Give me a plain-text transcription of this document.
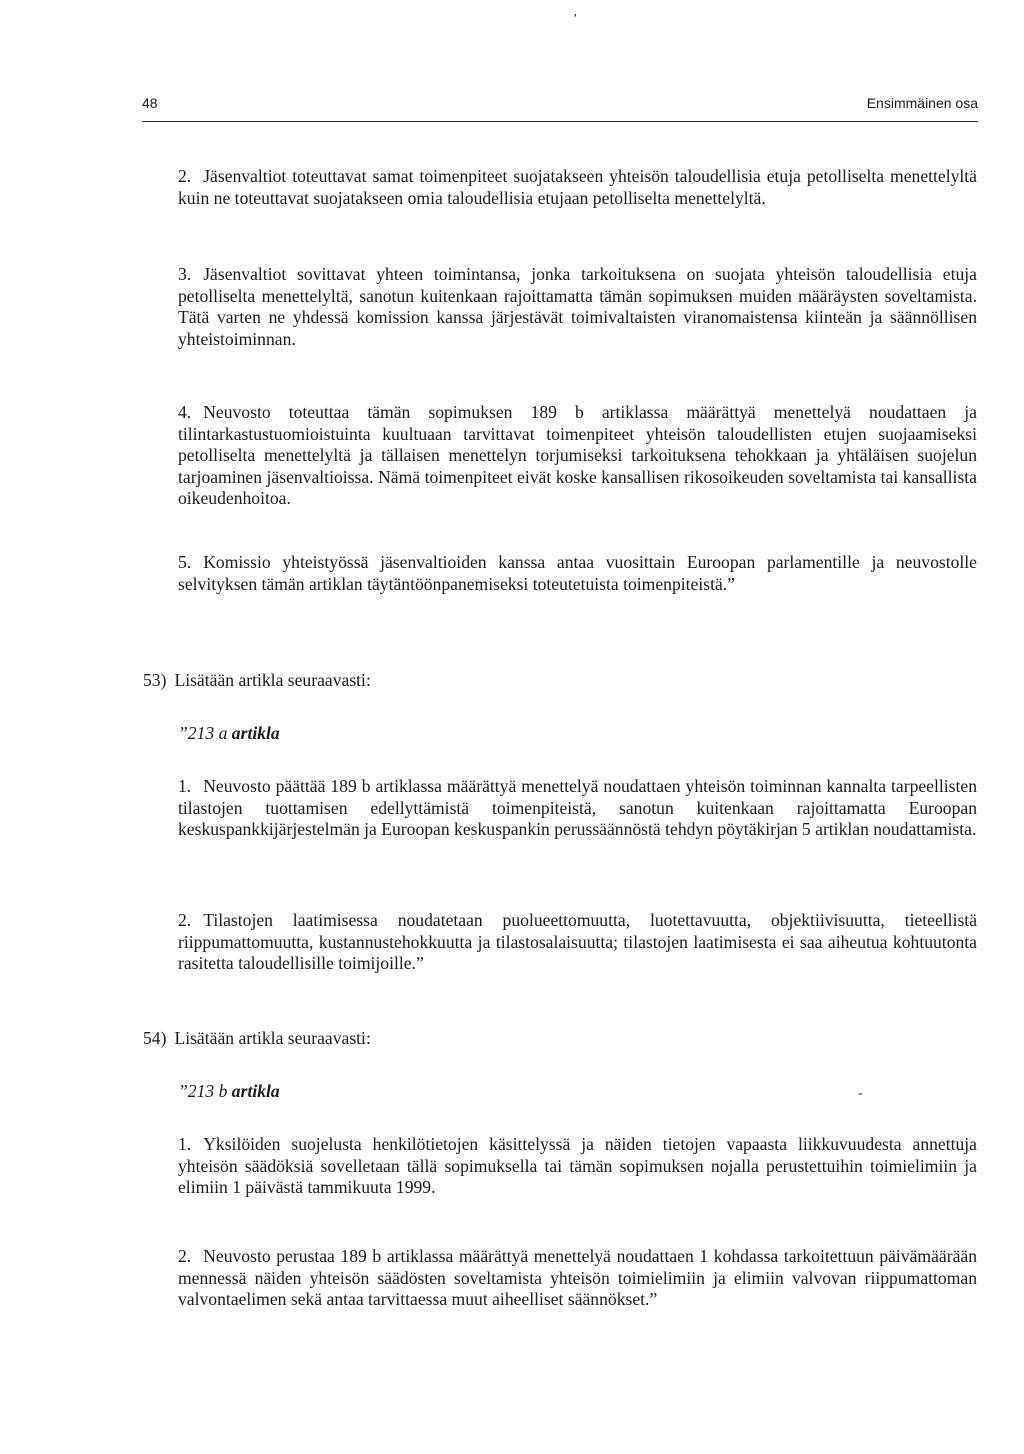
'
48	Ensimmäinen osa
2. Jäsenvaltiot toteuttavat samat toimenpiteet suojatakseen yhteisön taloudellisia etuja petolliselta menettelyltä kuin ne toteuttavat suojatakseen omia taloudellisia etujaan petolliselta menettelyltä.
3. Jäsenvaltiot sovittavat yhteen toimintansa, jonka tarkoituksena on suojata yhteisön taloudellisia etuja petolliselta menettelyltä, sanotun kuitenkaan rajoittamatta tämän sopimuksen muiden määräysten soveltamista. Tätä varten ne yhdessä komission kanssa järjestävät toimivaltaisten viranomaistensa kiinteän ja säännöllisen yhteistoiminnan.
4. Neuvosto toteuttaa tämän sopimuksen 189 b artiklassa määrättyä menettelyä noudattaen ja tilintarkastustuomioistuinta kuultuaan tarvittavat toimenpiteet yhteisön taloudellisten etujen suojaamiseksi petolliselta menettelyltä ja tällaisen menettelyn torjumiseksi tarkoituksena tehokkaan ja yhtäläisen suojelun tarjoaminen jäsenvaltioissa. Nämä toimenpiteet eivät koske kansallisen rikosoikeuden soveltamista tai kansallista oikeudenhoitoa.
5. Komissio yhteistyössä jäsenvaltioiden kanssa antaa vuosittain Euroopan parlamentille ja neuvostolle selvityksen tämän artiklan täytäntöönpanemiseksi toteutetuista toimenpiteistä.”
53) Lisätään artikla seuraavasti:
”213 a artikla
1. Neuvosto päättää 189 b artiklassa määrättyä menettelyä noudattaen yhteisön toiminnan kannalta tarpeellisten tilastojen tuottamisen edellyttämistä toimenpiteistä, sanotun kuitenkaan rajoittamatta Euroopan keskuspankkijärjestelmän ja Euroopan keskuspankin perussäännöstä tehdyn pöytäkirjan 5 artiklan noudattamista.
2. Tilastojen laatimisessa noudatetaan puolueettomuutta, luotettavuutta, objektiivisuutta, tieteellistä riippumattomuutta, kustannustehokkuutta ja tilastosalaisuutta; tilastojen laatimisesta ei saa aiheutua kohtuutonta rasitetta taloudellisille toimijoille.”
54) Lisätään artikla seuraavasti:
”213 b artikla
1. Yksilöiden suojelusta henkilötietojen käsittelyssä ja näiden tietojen vapaasta liikkuvuudesta annettuja yhteisön säädöksiä sovelletaan tällä sopimuksella tai tämän sopimuksen nojalla perustettuihin toimielimiin ja elimiin 1 päivästä tammikuuta 1999.
-
2. Neuvosto perustaa 189 b artiklassa määrättyä menettelyä noudattaen 1 kohdassa tarkoitettuun päivämäärään mennessä näiden yhteisön säädösten soveltamista yhteisön toimielimiin ja elimiin valvovan riippumattoman valvontaelimen sekä antaa tarvittaessa muut aiheelliset säännökset.”
